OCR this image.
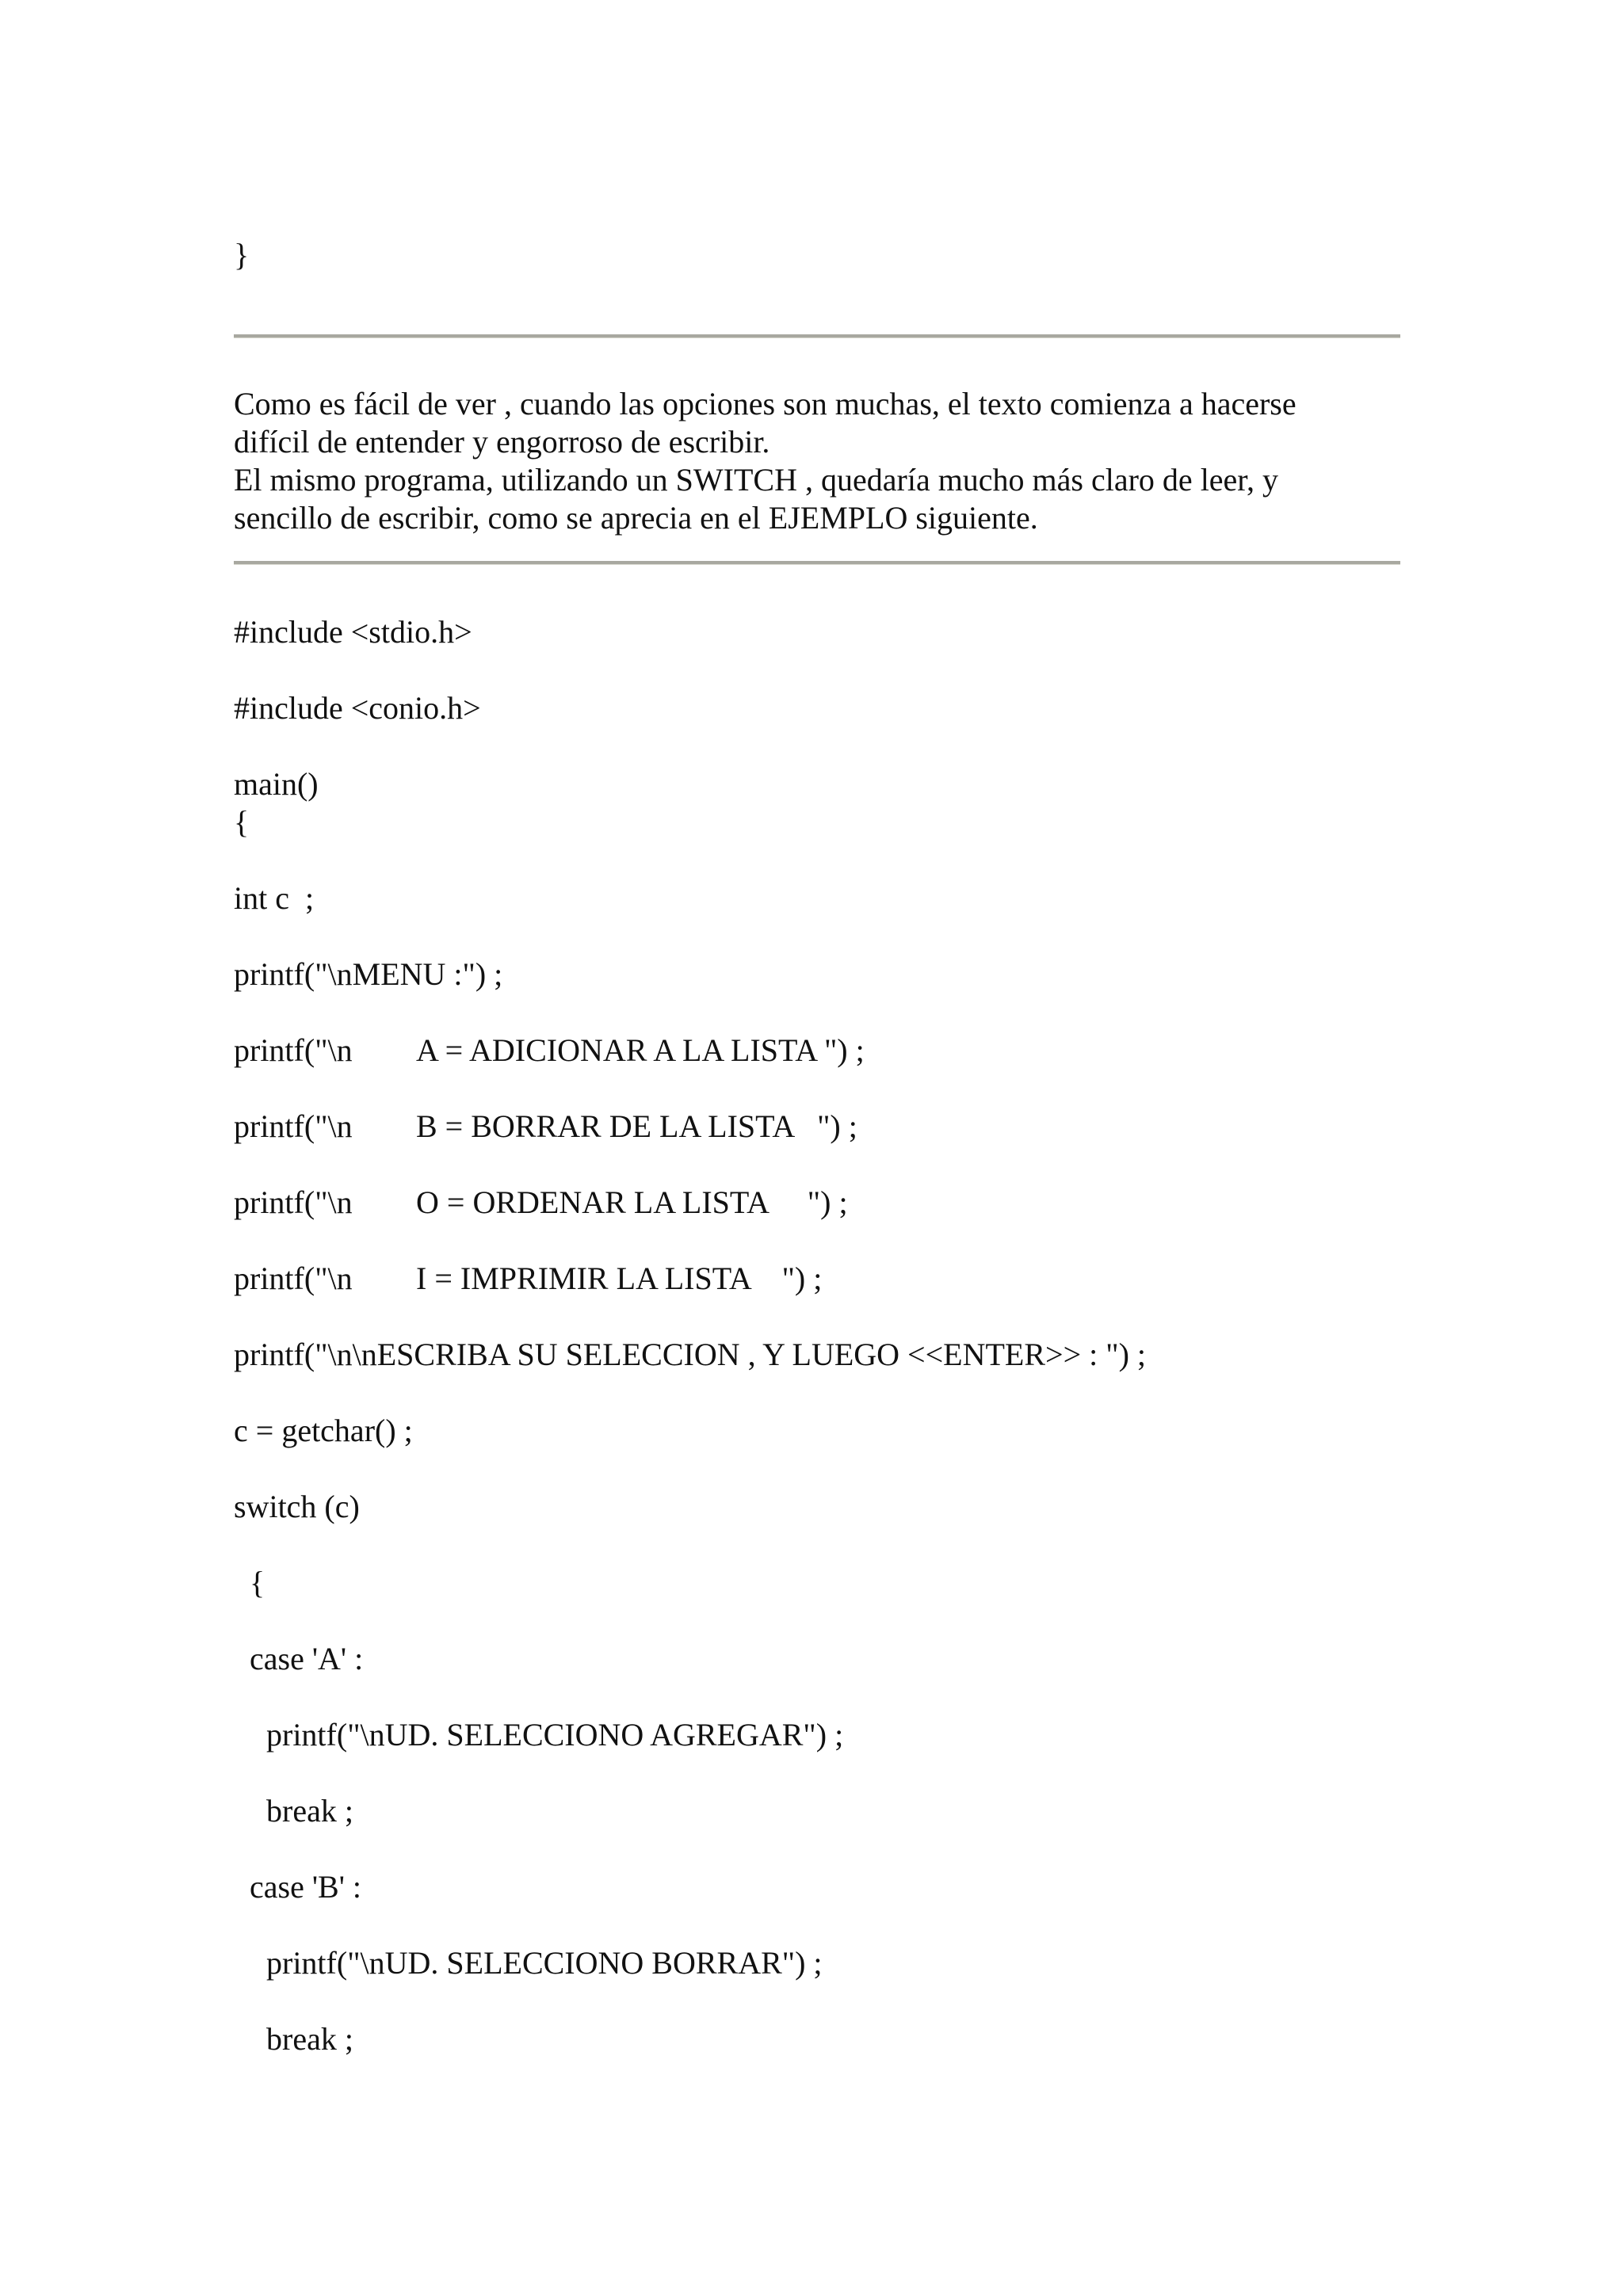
}
Como es fácil de ver , cuando las opciones son muchas, el texto comienza a hacerse
difícil de entender y engorroso de escribir.
El mismo programa, utilizando un SWITCH , quedaría mucho más claro de leer, y
sencillo de escribir, como se aprecia en el EJEMPLO siguiente.
#include <stdio.h>
#include <conio.h>
main()
{
int c  ;
printf("\nMENU :") ;
printf("\n A = ADICIONAR A LA LISTA ") ;
printf("\n B = BORRAR DE LA LISTA   ") ;
printf("\n O = ORDENAR LA LISTA     ") ;
printf("\n I = IMPRIMIR LA LISTA    ") ;
printf("\n\nESCRIBA SU SELECCION , Y LUEGO <<ENTER>> : ") ;
c = getchar() ;
switch (c)
{
case 'A' :
printf("\nUD. SELECCIONO AGREGAR") ;
break ;
case 'B' :
printf("\nUD. SELECCIONO BORRAR") ;
break ;
